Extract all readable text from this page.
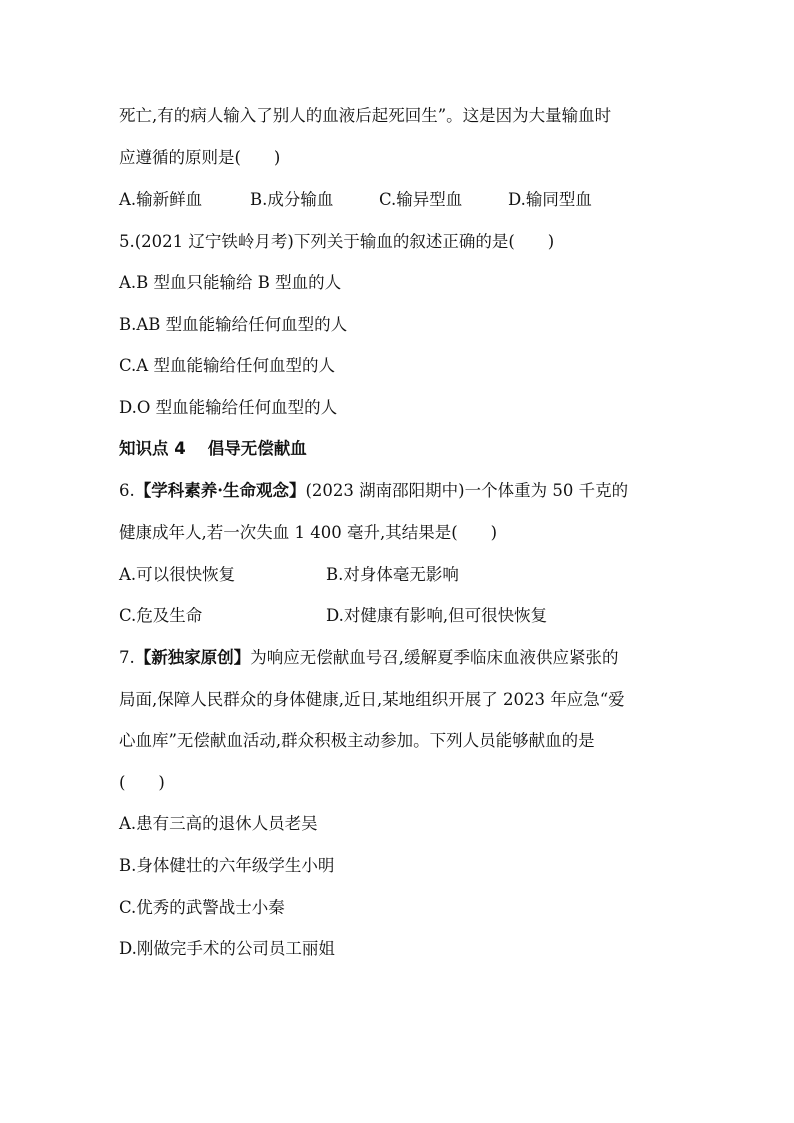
死亡,有的病人输入了别人的血液后起死回生”。这是因为大量输血时
应遵循的原则是(　　)
A.输新鲜血	B.成分输血	C.输异型血	D.输同型血
5.(2021 辽宁铁岭月考)下列关于输血的叙述正确的是(　　)
A.B 型血只能输给 B 型血的人
B.AB 型血能输给任何血型的人
C.A 型血能输给任何血型的人
D.O 型血能输给任何血型的人
知识点 4 倡导无偿献血
6.【学科素养·生命观念】(2023 湖南邵阳期中)一个体重为 50 千克的
健康成年人,若一次失血 1 400 毫升,其结果是(　　)
A.可以很快恢复	B.对身体毫无影响
C.危及生命	D.对健康有影响,但可很快恢复
7.【新独家原创】为响应无偿献血号召,缓解夏季临床血液供应紧张的
局面,保障人民群众的身体健康,近日,某地组织开展了 2023 年应急“爱
心血库”无偿献血活动,群众积极主动参加。下列人员能够献血的是
(　　)
A.患有三高的退休人员老吴
B.身体健壮的六年级学生小明
C.优秀的武警战士小秦
D.刚做完手术的公司员工丽姐
